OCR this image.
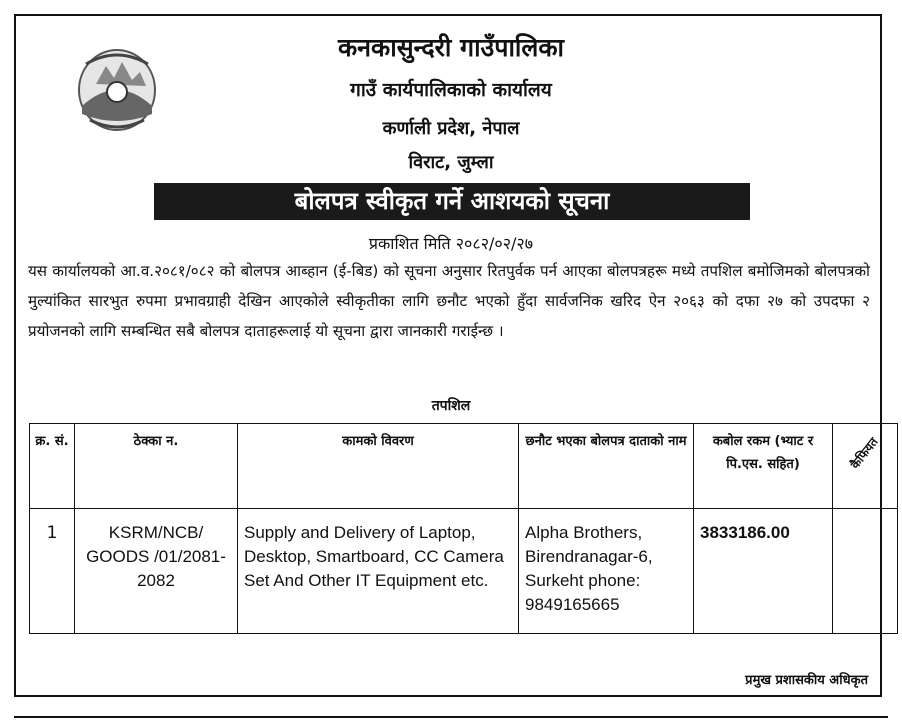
कनकासुन्दरी गाउँपालिका
गाउँ कार्यपालिकाको कार्यालय
कर्णाली प्रदेश, नेपाल
विराट, जुम्ला
बोलपत्र स्वीकृत गर्ने आशयको सूचना
प्रकाशित मिति २०८२/०२/२७
यस कार्यालयको आ.व.२०८१/०८२ को बोलपत्र आब्हान (ई-बिड) को सूचना अनुसार रितपुर्वक पर्न आएका बोलपत्रहरू मध्ये तपशिल बमोजिमको बोलपत्रको मुल्यांकित सारभुत रुपमा प्रभावग्राही देखिन आएकोले स्वीकृतीका लागि छनौट भएको हुँदा सार्वजनिक खरिद ऐन २०६३ को दफा २७ को उपदफा २ प्रयोजनको लागि सम्बन्धित सबै बोलपत्र दाताहरूलाई यो सूचना द्वारा जानकारी गराईन्छ ।
तपशिल
क्र. सं.	ठेक्का न.	कामको विवरण	छनौट भएका बोलपत्र दाताको नाम	कबोल रकम (भ्याट र पि.एस. सहित)	कैफियत
1	KSRM/NCB/ GOODS /01/2081-2082	Supply and Delivery of Laptop, Desktop, Smartboard, CC Camera Set And Other IT Equipment etc.	Alpha Brothers, Birendranagar-6, Surkeht phone: 9849165665	3833186.00	
प्रमुख प्रशासकीय अधिकृत
